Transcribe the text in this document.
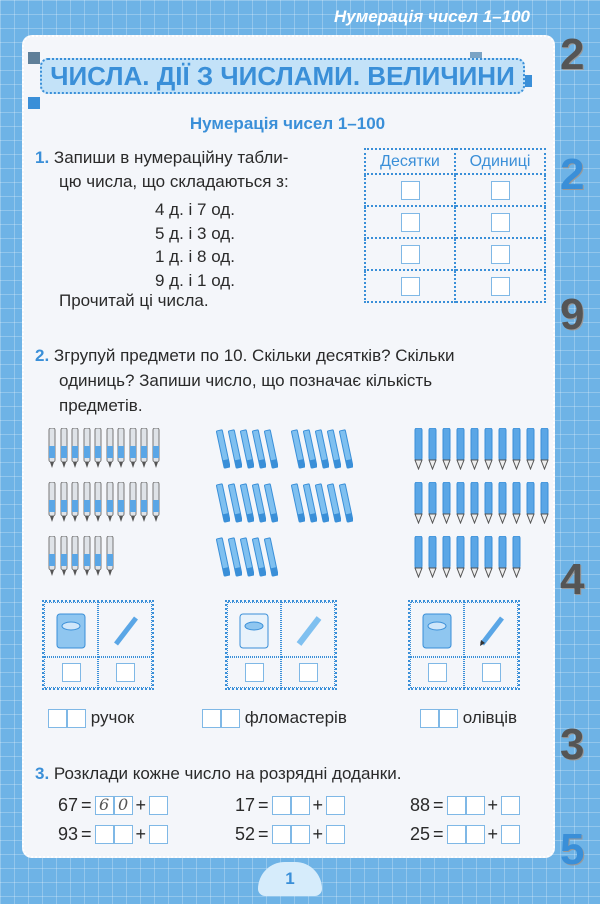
Нумерація чисел 1–100
2
2
9
4
3
5
ЧИСЛА. ДІЇ З ЧИСЛАМИ. ВЕЛИЧИНИ
Нумерація чисел 1–100
1. Запиши в нумераційну табли-
цю числа, що складаються з:
4 д. і 7 од.
5 д. і 3 од.
1 д. і 8 од.
9 д. і 1 од.
Прочитай ці числа.
Десятки	Одиниці

2. Згрупуй предмети по 10. Скільки десятків? Скільки
одиниць? Запиши число, що позначає кількість
предметів.
ручок	фломастерів	олівців
3. Розклади кожне число на розрядні доданки.
67 = 6 0 +	17 = +	88 = +
93 = +	52 = +	25 = +
1
